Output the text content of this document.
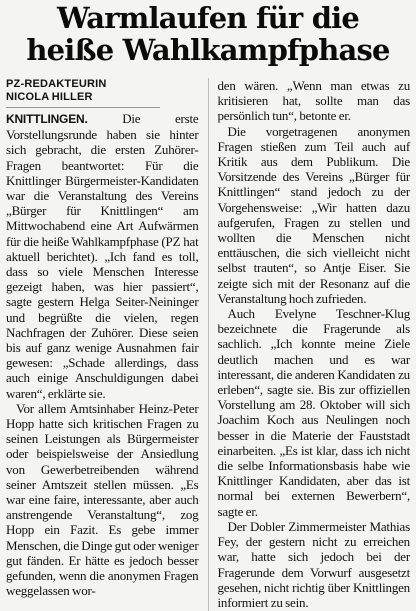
Warmlaufen für die
heiße Wahlkampfphase
PZ-REDAKTEURIN
NICOLA HILLER

KNITTLINGEN.	Die erste Vorstellungsrunde haben sie hinter sich gebracht, die ersten Zuhörer-Fragen beantwortet: Für die Knittlinger Bürgermeister-Kandidaten war die Veranstaltung des Vereins „Bürger für Knittlingen“ am Mittwochabend eine Art Aufwärmen für die heiße Wahlkampfphase (PZ hat aktuell berichtet). „Ich fand es toll, dass so viele Menschen Interesse gezeigt haben, was hier passiert“, sagte gestern Helga Seiter-Neininger und begrüßte die vielen, regen Nachfragen der Zuhörer. Diese seien bis auf ganz wenige Ausnahmen fair gewesen: „Schade allerdings, dass auch einige Anschuldigungen dabei waren“, erklärte sie.

Vor allem Amtsinhaber Heinz-Peter Hopp hatte sich kritischen Fragen zu seinen Leistungen als Bürgermeister oder beispielsweise der Ansiedlung von Gewerbetreibenden während seiner Amtszeit stellen müssen. „Es war eine faire, interessante, aber auch anstrengende Veranstaltung“, zog Hopp ein Fazit. Es gebe immer Menschen, die Dinge gut oder weniger gut fänden. Er hätte es jedoch besser gefunden, wenn die anonymen Fragen weggelassen wor-

den wären. „Wenn man etwas zu kritisieren hat, sollte man das persönlich tun“, betonte er.

Die vorgetragenen anonymen Fragen stießen zum Teil auch auf Kritik aus dem Publikum. Die Vorsitzende des Vereins „Bürger für Knittlingen“ stand jedoch zu der Vorgehensweise: „Wir hatten dazu aufgerufen, Fragen zu stellen und wollten die Menschen nicht enttäuschen, die sich vielleicht nicht selbst trauten“, so Antje Eiser. Sie zeigte sich mit der Resonanz auf die Veranstaltung hoch zufrieden.

Auch Evelyne Teschner-Klug bezeichnete die Fragerunde als sachlich. „Ich konnte meine Ziele deutlich machen und es war interessant, die anderen Kandidaten zu erleben“, sagte sie. Bis zur offiziellen Vorstellung am 28. Oktober will sich Joachim Koch aus Neulingen noch besser in die Materie der Fauststadt einarbeiten. „Es ist klar, dass ich nicht die selbe Informationsbasis habe wie Knittlinger Kandidaten, aber das ist normal bei externen Bewerbern“, sagte er.

Der Dobler Zimmermeister Mathias Fey, der gestern nicht zu erreichen war, hatte sich jedoch bei der Fragerunde dem Vorwurf ausgesetzt gesehen, nicht richtig über Knittlingen informiert zu sein.
